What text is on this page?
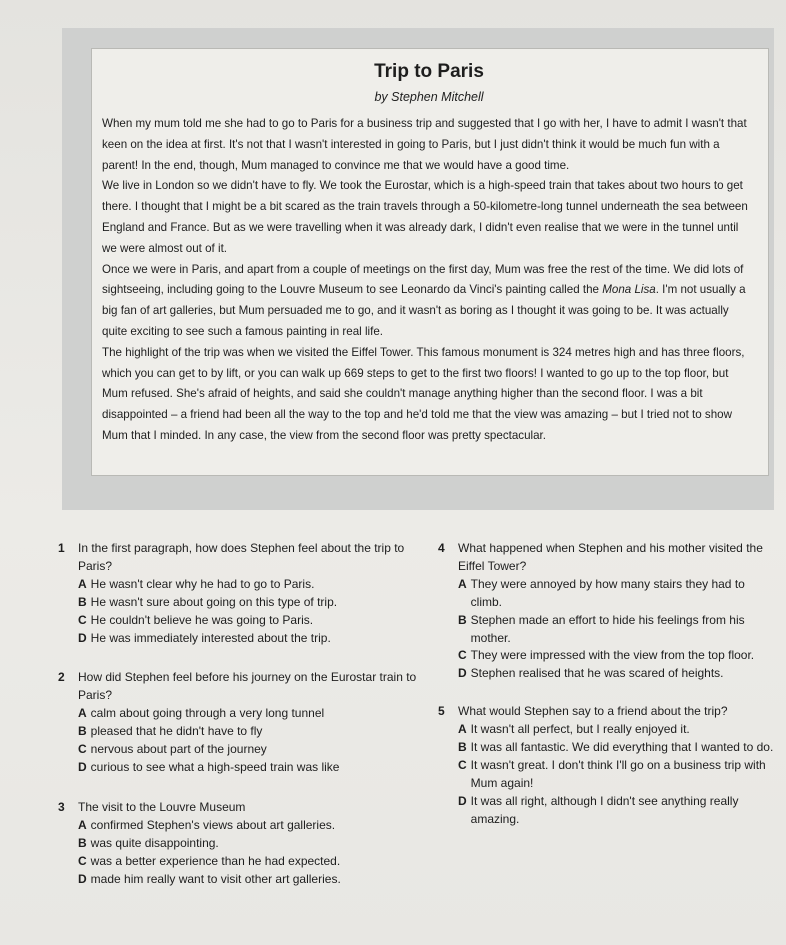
Trip to Paris
by Stephen Mitchell

When my mum told me she had to go to Paris for a business trip and suggested that I go with her, I have to admit I wasn't that keen on the idea at first. It's not that I wasn't interested in going to Paris, but I just didn't think it would be much fun with a parent! In the end, though, Mum managed to convince me that we would have a good time.

We live in London so we didn't have to fly. We took the Eurostar, which is a high-speed train that takes about two hours to get there. I thought that I might be a bit scared as the train travels through a 50-kilometre-long tunnel underneath the sea between England and France. But as we were travelling when it was already dark, I didn't even realise that we were in the tunnel until we were almost out of it.

Once we were in Paris, and apart from a couple of meetings on the first day, Mum was free the rest of the time. We did lots of sightseeing, including going to the Louvre Museum to see Leonardo da Vinci's painting called the Mona Lisa. I'm not usually a big fan of art galleries, but Mum persuaded me to go, and it wasn't as boring as I thought it was going to be. It was actually quite exciting to see such a famous painting in real life.

The highlight of the trip was when we visited the Eiffel Tower. This famous monument is 324 metres high and has three floors, which you can get to by lift, or you can walk up 669 steps to get to the first two floors! I wanted to go up to the top floor, but Mum refused. She's afraid of heights, and said she couldn't manage anything higher than the second floor. I was a bit disappointed – a friend had been all the way to the top and he'd told me that the view was amazing – but I tried not to show Mum that I minded. In any case, the view from the second floor was pretty spectacular.

1	In the first paragraph, how does Stephen feel about the trip to Paris?
A He wasn't clear why he had to go to Paris.
B He wasn't sure about going on this type of trip.
C He couldn't believe he was going to Paris.
D He was immediately interested about the trip.
2	How did Stephen feel before his journey on the Eurostar train to Paris?
A calm about going through a very long tunnel
B pleased that he didn't have to fly
C nervous about part of the journey
D curious to see what a high-speed train was like
3	The visit to the Louvre Museum
A confirmed Stephen's views about art galleries.
B was quite disappointing.
C was a better experience than he had expected.
D made him really want to visit other art galleries.
4	What happened when Stephen and his mother visited the Eiffel Tower?
A They were annoyed by how many stairs they had to climb.
B Stephen made an effort to hide his feelings from his mother.
C They were impressed with the view from the top floor.
D Stephen realised that he was scared of heights.
5	What would Stephen say to a friend about the trip?
A It wasn't all perfect, but I really enjoyed it.
B It was all fantastic. We did everything that I wanted to do.
C It wasn't great. I don't think I'll go on a business trip with Mum again!
D It was all right, although I didn't see anything really amazing.
